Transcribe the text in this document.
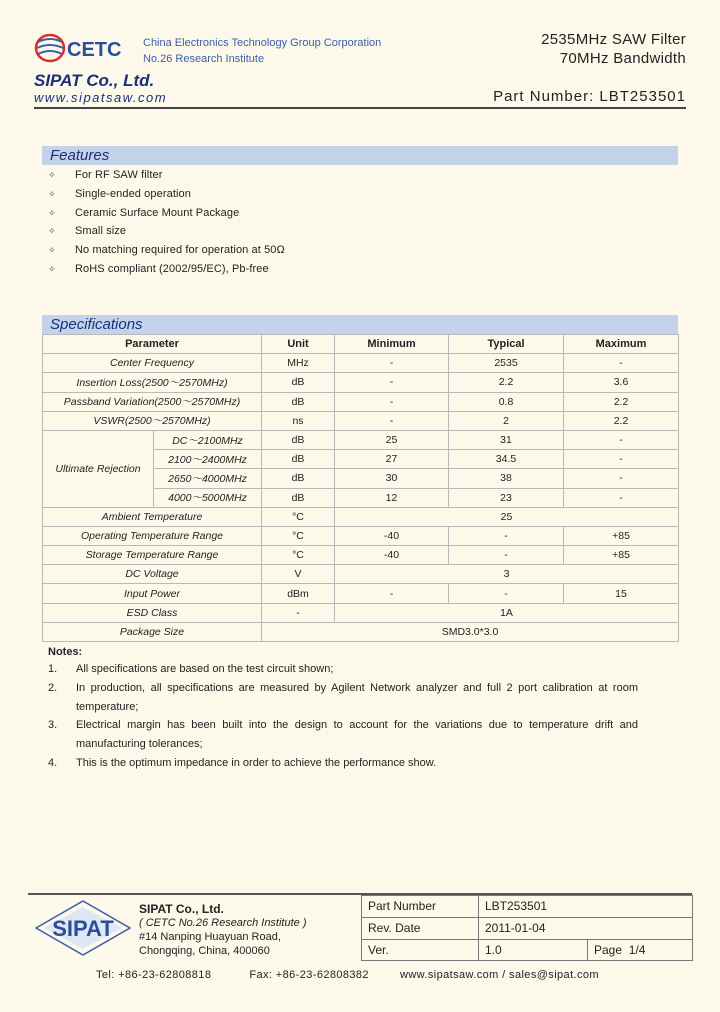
CETC China Electronics Technology Group Corporation
No.26 Research Institute
2535MHz SAW Filter
70MHz Bandwidth
SIPAT Co., Ltd.
www.sipatsaw.com	Part Number: LBT253501
Features
✧	For RF SAW filter
✧	Single-ended operation
✧	Ceramic Surface Mount Package
✧	Small size
✧	No matching required for operation at 50Ω
✧	RoHS compliant (2002/95/EC), Pb-free
Specifications
Parameter		Unit	Minimum	Typical	Maximum
Center Frequency		MHz	-	2535	-
Insertion Loss(2500～2570MHz)		dB	-	2.2	3.6
Passband Variation(2500～2570MHz)		dB	-	0.8	2.2
VSWR(2500～2570MHz)		ns	-	2	2.2
Ultimate Rejection	DC～2100MHz	dB	25	31	-
	2100～2400MHz	dB	27	34.5	-
	2650～4000MHz	dB	30	38	-
	4000～5000MHz	dB	12	23	-
Ambient Temperature		°C	25		
Operating Temperature Range		°C	-40	-	+85
Storage Temperature Range		°C	-40	-	+85
DC Voltage		V	3		
Input Power		dBm	-	-	15
ESD Class		-	1A		
Package Size		SMD3.0*3.0			
Notes:
1.	All specifications are based on the test circuit shown;
2.	In production, all specifications are measured by Agilent Network analyzer and full 2 port calibration at room temperature;
3.	Electrical margin has been built into the design to account for the variations due to temperature drift and manufacturing tolerances;
4.	This is the optimum impedance in order to achieve the performance show.
SIPAT
SIPAT Co., Ltd.
( CETC No.26 Research Institute )
#14 Nanping Huayuan Road,
Chongqing, China, 400060
Part Number	LBT253501	
Rev. Date	2011-01-04	
Ver.	1.0	Page 1/4
Tel: +86-23-62808818	Fax: +86-23-62808382	www.sipatsaw.com / sales@sipat.com
